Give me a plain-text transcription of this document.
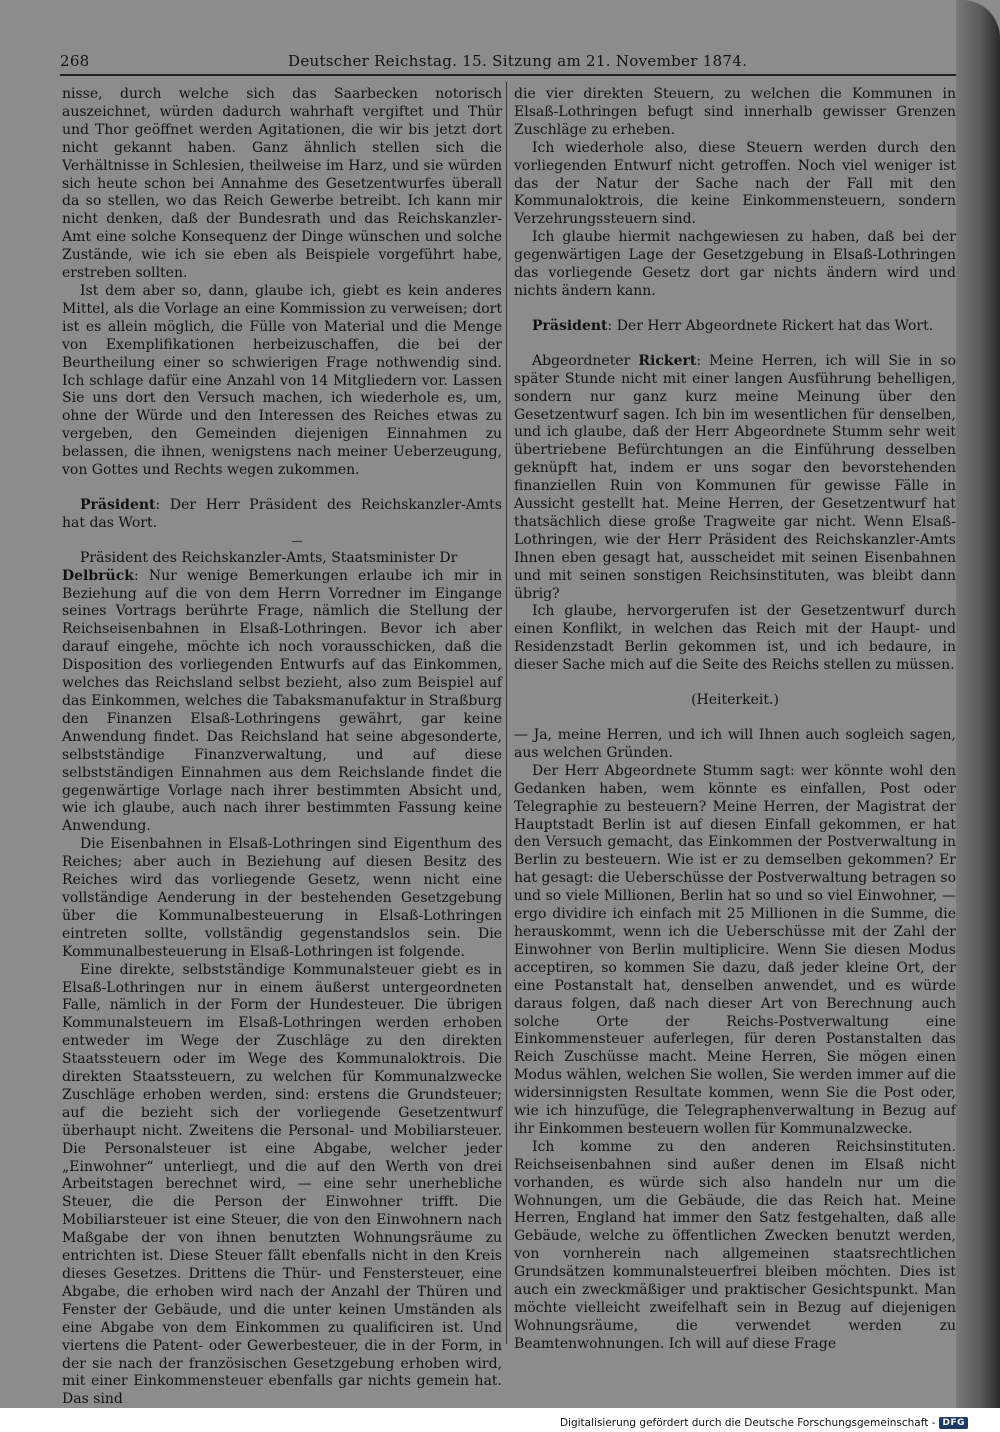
268	Deutscher Reichstag. 15. Sitzung am 21. November 1874.

nisse, durch welche sich das Saarbecken notorisch auszeichnet, würden dadurch wahrhaft vergiftet und Thür und Thor geöffnet werden Agitationen, die wir bis jetzt dort nicht gekannt haben. Ganz ähnlich stellen sich die Verhältnisse in Schlesien, theilweise im Harz, und sie würden sich heute schon bei Annahme des Gesetzentwurfes überall da so stellen, wo das Reich Gewerbe betreibt. Ich kann mir nicht denken, daß der Bundesrath und das Reichskanzler-Amt eine solche Konsequenz der Dinge wünschen und solche Zustände, wie ich sie eben als Beispiele vorgeführt habe, erstreben sollten.

Ist dem aber so, dann, glaube ich, giebt es kein anderes Mittel, als die Vorlage an eine Kommission zu verweisen; dort ist es allein möglich, die Fülle von Material und die Menge von Exemplifikationen herbeizuschaffen, die bei der Beurtheilung einer so schwierigen Frage nothwendig sind. Ich schlage dafür eine Anzahl von 14 Mitgliedern vor. Lassen Sie uns dort den Versuch machen, ich wiederhole es, um, ohne der Würde und den Interessen des Reiches etwas zu vergeben, den Gemeinden diejenigen Einnahmen zu belassen, die ihnen, wenigstens nach meiner Ueberzeugung, von Gottes und Rechts wegen zukommen.

Präsident: Der Herr Präsident des Reichskanzler-Amts hat das Wort.

Präsident des Reichskanzler-Amts, Staatsminister Dr

Delbrück: Nur wenige Bemerkungen erlaube ich mir in Beziehung auf die von dem Herrn Vorredner im Eingange seines Vortrags berührte Frage, nämlich die Stellung der Reichseisenbahnen in Elsaß-Lothringen. Bevor ich aber darauf eingehe, möchte ich noch vorausschicken, daß die Disposition des vorliegenden Entwurfs auf das Einkommen, welches das Reichsland selbst bezieht, also zum Beispiel auf das Einkommen, welches die Tabaksmanufaktur in Straßburg den Finanzen Elsaß-Lothringens gewährt, gar keine Anwendung findet. Das Reichsland hat seine abgesonderte, selbstständige Finanzverwaltung, und auf diese selbstständigen Einnahmen aus dem Reichslande findet die gegenwärtige Vorlage nach ihrer bestimmten Absicht und, wie ich glaube, auch nach ihrer bestimmten Fassung keine Anwendung.

Die Eisenbahnen in Elsaß-Lothringen sind Eigenthum des Reiches; aber auch in Beziehung auf diesen Besitz des Reiches wird das vorliegende Gesetz, wenn nicht eine vollständige Aenderung in der bestehenden Gesetzgebung über die Kommunalbesteuerung in Elsaß-Lothringen eintreten sollte, vollständig gegenstandslos sein. Die Kommunalbesteuerung in Elsaß-Lothringen ist folgende.

Eine direkte, selbstständige Kommunalsteuer giebt es in Elsaß-Lothringen nur in einem äußerst untergeordneten Falle, nämlich in der Form der Hundesteuer. Die übrigen Kommunalsteuern im Elsaß-Lothringen werden erhoben entweder im Wege der Zuschläge zu den direkten Staatssteuern oder im Wege des Kommunaloktrois. Die direkten Staatssteuern, zu welchen für Kommunalzwecke Zuschläge erhoben werden, sind: erstens die Grundsteuer; auf die bezieht sich der vorliegende Gesetzentwurf überhaupt nicht. Zweitens die Personal- und Mobiliarsteuer. Die Personalsteuer ist eine Abgabe, welcher jeder „Einwohner“ unterliegt, und die auf den Werth von drei Arbeitstagen berechnet wird, — eine sehr unerhebliche Steuer, die die Person der Einwohner trifft. Die Mobiliarsteuer ist eine Steuer, die von den Einwohnern nach Maßgabe der von ihnen benutzten Wohnungsräume zu entrichten ist. Diese Steuer fällt ebenfalls nicht in den Kreis dieses Gesetzes. Drittens die Thür- und Fenstersteuer, eine Abgabe, die erhoben wird nach der Anzahl der Thüren und Fenster der Gebäude, und die unter keinen Umständen als eine Abgabe von dem Einkommen zu qualificiren ist. Und viertens die Patent- oder Gewerbesteuer, die in der Form, in der sie nach der französischen Gesetzgebung erhoben wird, mit einer Einkommensteuer ebenfalls gar nichts gemein hat. Das sind

die vier direkten Steuern, zu welchen die Kommunen in Elsaß-Lothringen befugt sind innerhalb gewisser Grenzen Zuschläge zu erheben.

Ich wiederhole also, diese Steuern werden durch den vorliegenden Entwurf nicht getroffen. Noch viel weniger ist das der Natur der Sache nach der Fall mit den Kommunaloktrois, die keine Einkommensteuern, sondern Verzehrungssteuern sind.

Ich glaube hiermit nachgewiesen zu haben, daß bei der gegenwärtigen Lage der Gesetzgebung in Elsaß-Lothringen das vorliegende Gesetz dort gar nichts ändern wird und nichts ändern kann.

Präsident: Der Herr Abgeordnete Rickert hat das Wort.

Abgeordneter Rickert: Meine Herren, ich will Sie in so später Stunde nicht mit einer langen Ausführung behelligen, sondern nur ganz kurz meine Meinung über den Gesetzentwurf sagen. Ich bin im wesentlichen für denselben, und ich glaube, daß der Herr Abgeordnete Stumm sehr weit übertriebene Befürchtungen an die Einführung desselben geknüpft hat, indem er uns sogar den bevorstehenden finanziellen Ruin von Kommunen für gewisse Fälle in Aussicht gestellt hat. Meine Herren, der Gesetzentwurf hat thatsächlich diese große Tragweite gar nicht. Wenn Elsaß-Lothringen, wie der Herr Präsident des Reichskanzler-Amts Ihnen eben gesagt hat, ausscheidet mit seinen Eisenbahnen und mit seinen sonstigen Reichsinstituten, was bleibt dann übrig?

Ich glaube, hervorgerufen ist der Gesetzentwurf durch einen Konflikt, in welchen das Reich mit der Haupt- und Residenzstadt Berlin gekommen ist, und ich bedaure, in dieser Sache mich auf die Seite des Reichs stellen zu müssen.

(Heiterkeit.)

— Ja, meine Herren, und ich will Ihnen auch sogleich sagen, aus welchen Gründen.

Der Herr Abgeordnete Stumm sagt: wer könnte wohl den Gedanken haben, wem könnte es einfallen, Post oder Telegraphie zu besteuern? Meine Herren, der Magistrat der Hauptstadt Berlin ist auf diesen Einfall gekommen, er hat den Versuch gemacht, das Einkommen der Postverwaltung in Berlin zu besteuern. Wie ist er zu demselben gekommen? Er hat gesagt: die Ueberschüsse der Postverwaltung betragen so und so viele Millionen, Berlin hat so und so viel Einwohner, — ergo dividire ich einfach mit 25 Millionen in die Summe, die herauskommt, wenn ich die Ueberschüsse mit der Zahl der Einwohner von Berlin multiplicire. Wenn Sie diesen Modus acceptiren, so kommen Sie dazu, daß jeder kleine Ort, der eine Postanstalt hat, denselben anwendet, und es würde daraus folgen, daß nach dieser Art von Berechnung auch solche Orte der Reichs-Postverwaltung eine Einkommensteuer auferlegen, für deren Postanstalten das Reich Zuschüsse macht. Meine Herren, Sie mögen einen Modus wählen, welchen Sie wollen, Sie werden immer auf die widersinnigsten Resultate kommen, wenn Sie die Post oder, wie ich hinzufüge, die Telegraphenverwaltung in Bezug auf ihr Einkommen besteuern wollen für Kommunalzwecke.

Ich komme zu den anderen Reichsinstituten. Reichseisenbahnen sind außer denen im Elsaß nicht vorhanden, es würde sich also handeln nur um die Wohnungen, um die Gebäude, die das Reich hat. Meine Herren, England hat immer den Satz festgehalten, daß alle Gebäude, welche zu öffentlichen Zwecken benutzt werden, von vornherein nach allgemeinen staatsrechtlichen Grundsätzen kommunalsteuerfrei bleiben möchten. Dies ist auch ein zweckmäßiger und praktischer Gesichtspunkt. Man möchte vielleicht zweifelhaft sein in Bezug auf diejenigen Wohnungsräume, die verwendet werden zu Beamtenwohnungen. Ich will auf diese Frage

Digitalisierung gefördert durch die Deutsche Forschungsgemeinschaft - DFG
